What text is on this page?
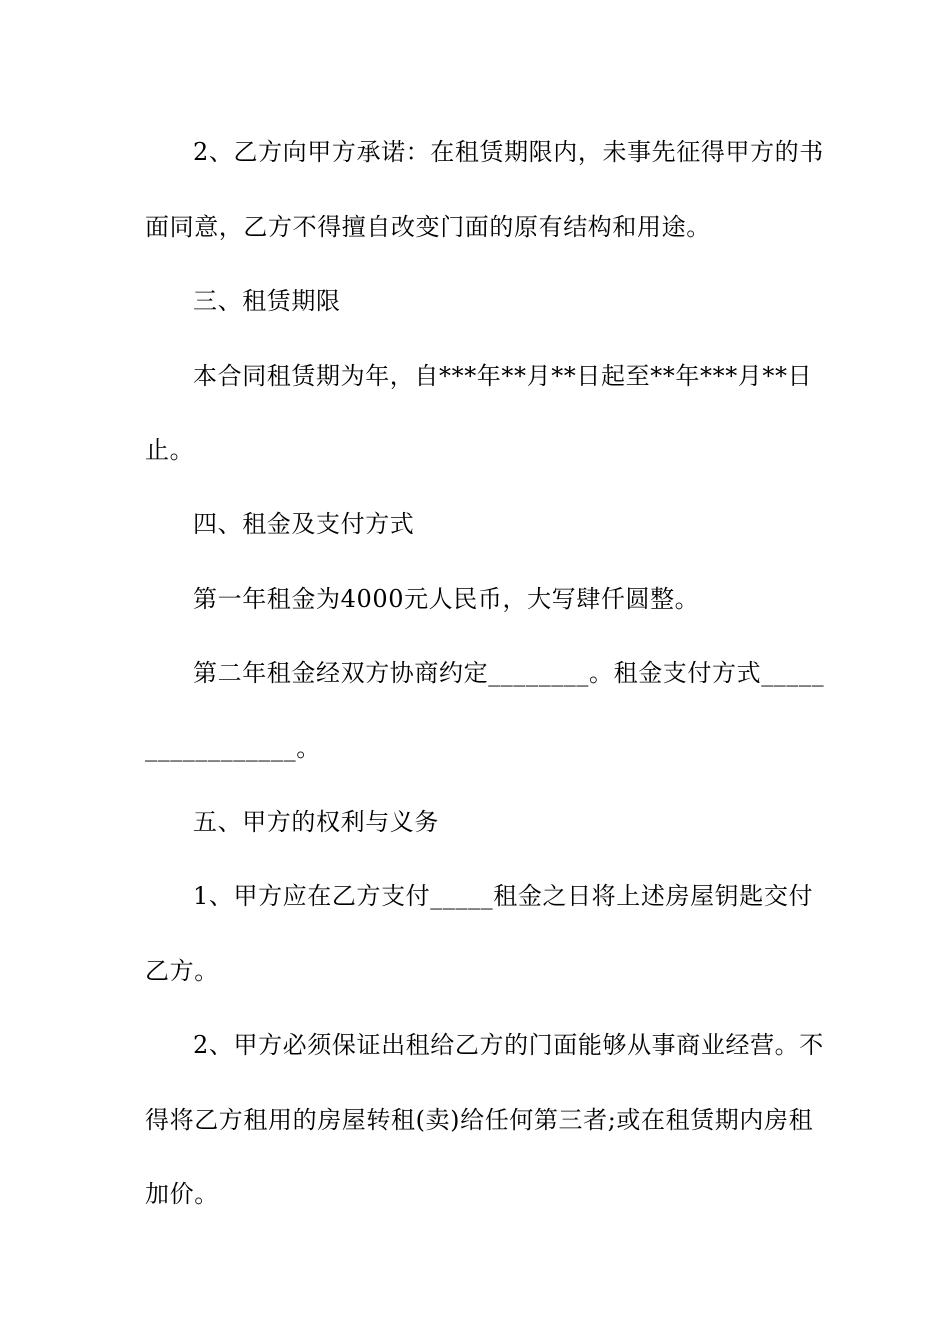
2、乙方向甲方承诺：在租赁期限内，未事先征得甲方的书
面同意，乙方不得擅自改变门面的原有结构和用途。
三、租赁期限
本合同租赁期为年，自***年**月**日起至**年***月**日
止。
四、租金及支付方式
第一年租金为4000元人民币，大写肆仟圆整。
第二年租金经双方协商约定________。租金支付方式_____
____________。
五、甲方的权利与义务
1、甲方应在乙方支付_____租金之日将上述房屋钥匙交付
乙方。
2、甲方必须保证出租给乙方的门面能够从事商业经营。不
得将乙方租用的房屋转租(卖)给任何第三者;或在租赁期内房租
加价。
